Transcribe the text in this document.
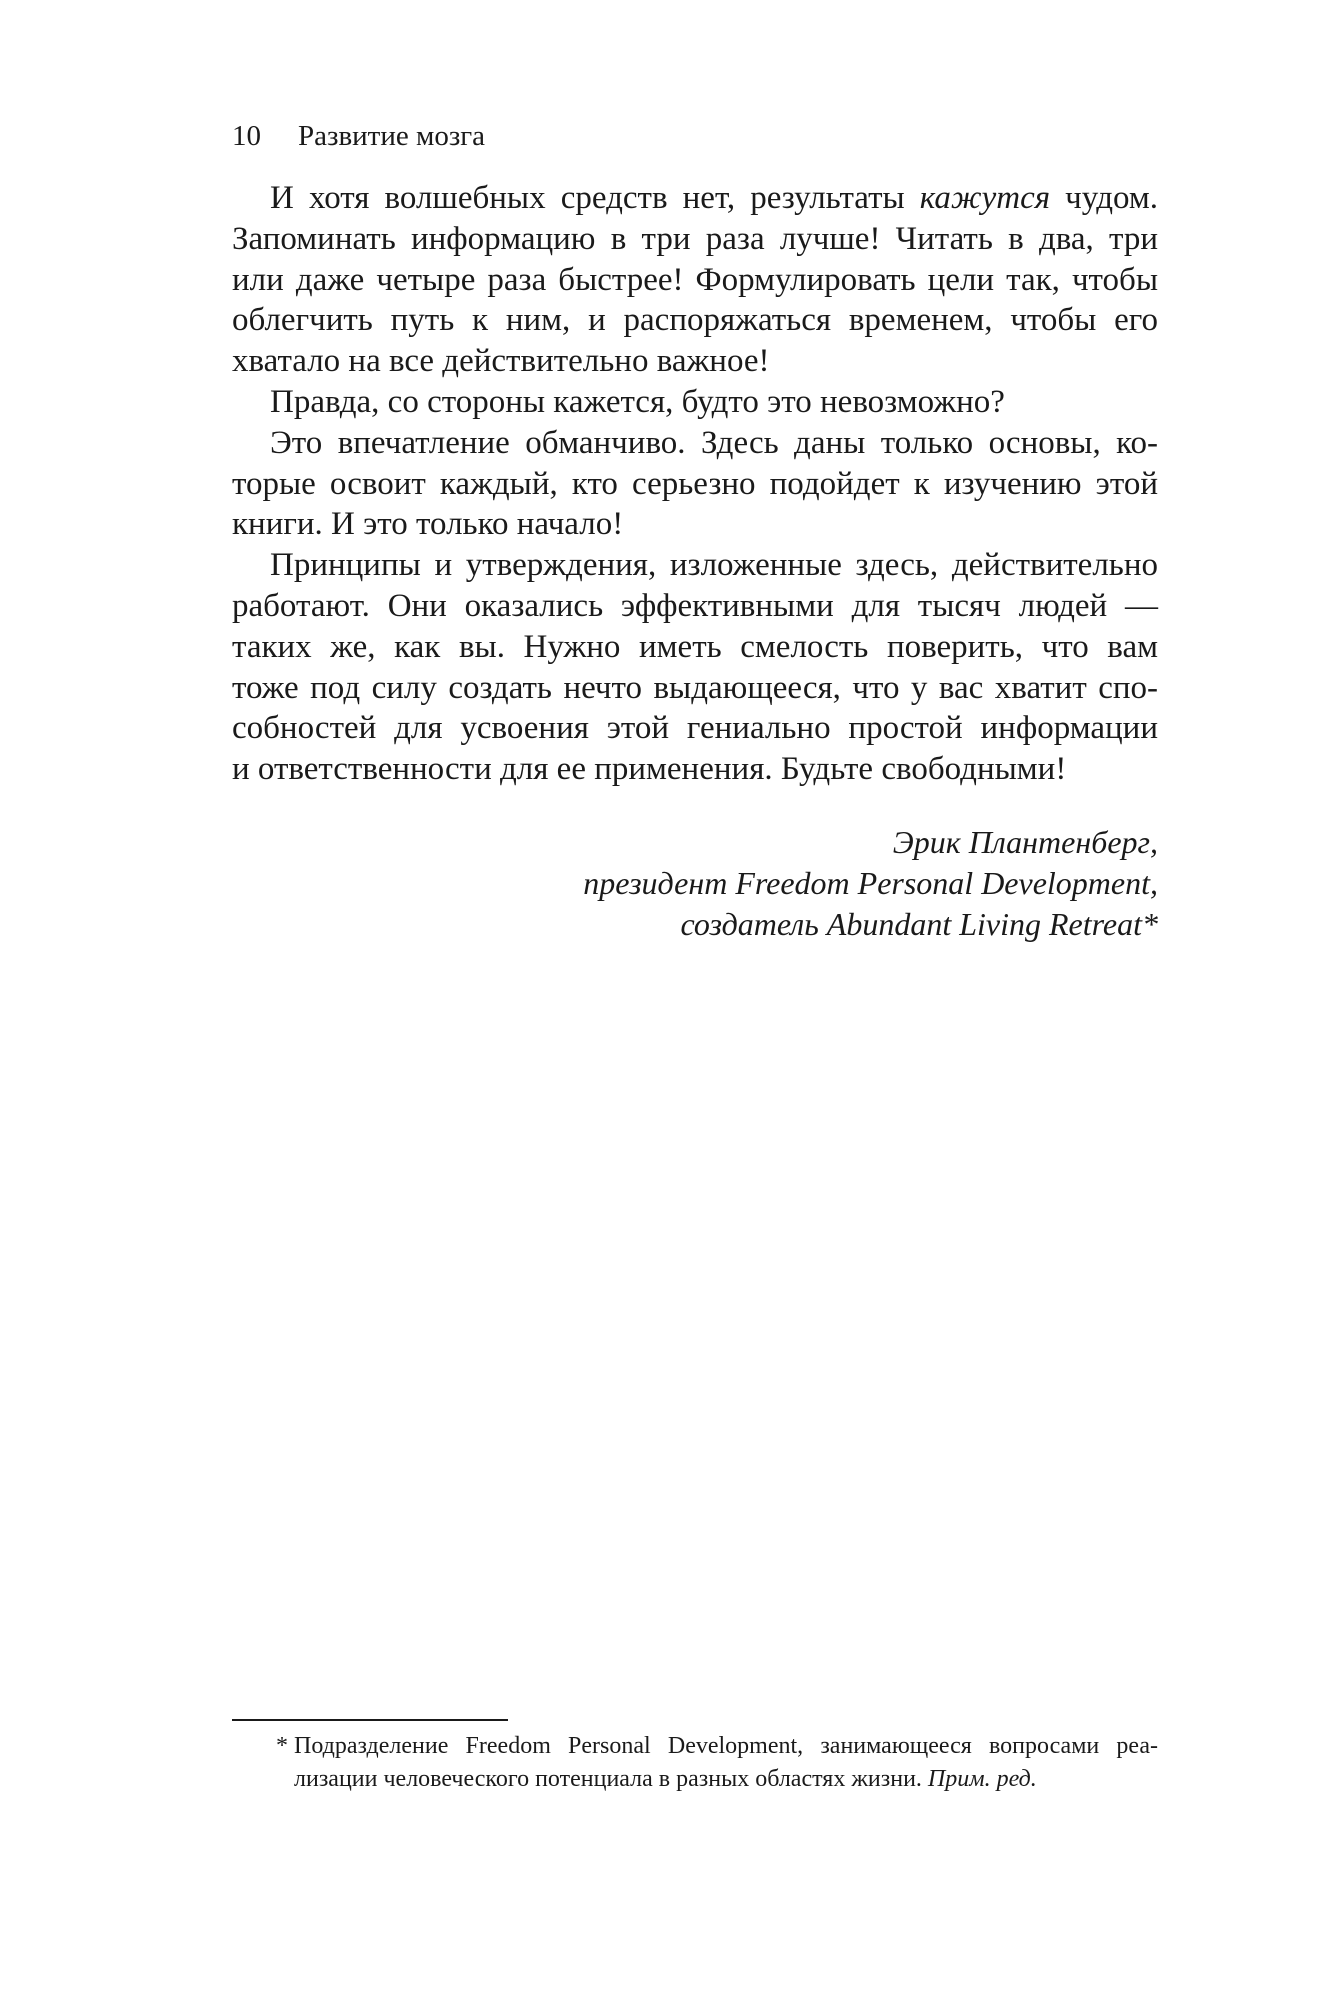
10 Развитие мозга
И хотя волшебных средств нет, результаты кажутся чудом.
Запоминать информацию в три раза лучше! Читать в два, три
или даже четыре раза быстрее! Формулировать цели так, чтобы
облегчить путь к ним, и распоряжаться временем, чтобы его
хватало на все действительно важное!
Правда, со стороны кажется, будто это невозможно?
Это впечатление обманчиво. Здесь даны только основы, ко-
торые освоит каждый, кто серьезно подойдет к изучению этой
книги. И это только начало!
Принципы и утверждения, изложенные здесь, действительно
работают. Они оказались эффективными для тысяч людей —
таких же, как вы. Нужно иметь смелость поверить, что вам
тоже под силу создать нечто выдающееся, что у вас хватит спо-
собностей для усвоения этой гениально простой информации
и ответственности для ее применения. Будьте свободными!
Эрик Плантенберг,
президент Freedom Personal Development,
создатель Abundant Living Retreat*
* Подразделение Freedom Personal Development, занимающееся вопросами реа-
лизации человеческого потенциала в разных областях жизни. Прим. ред.
